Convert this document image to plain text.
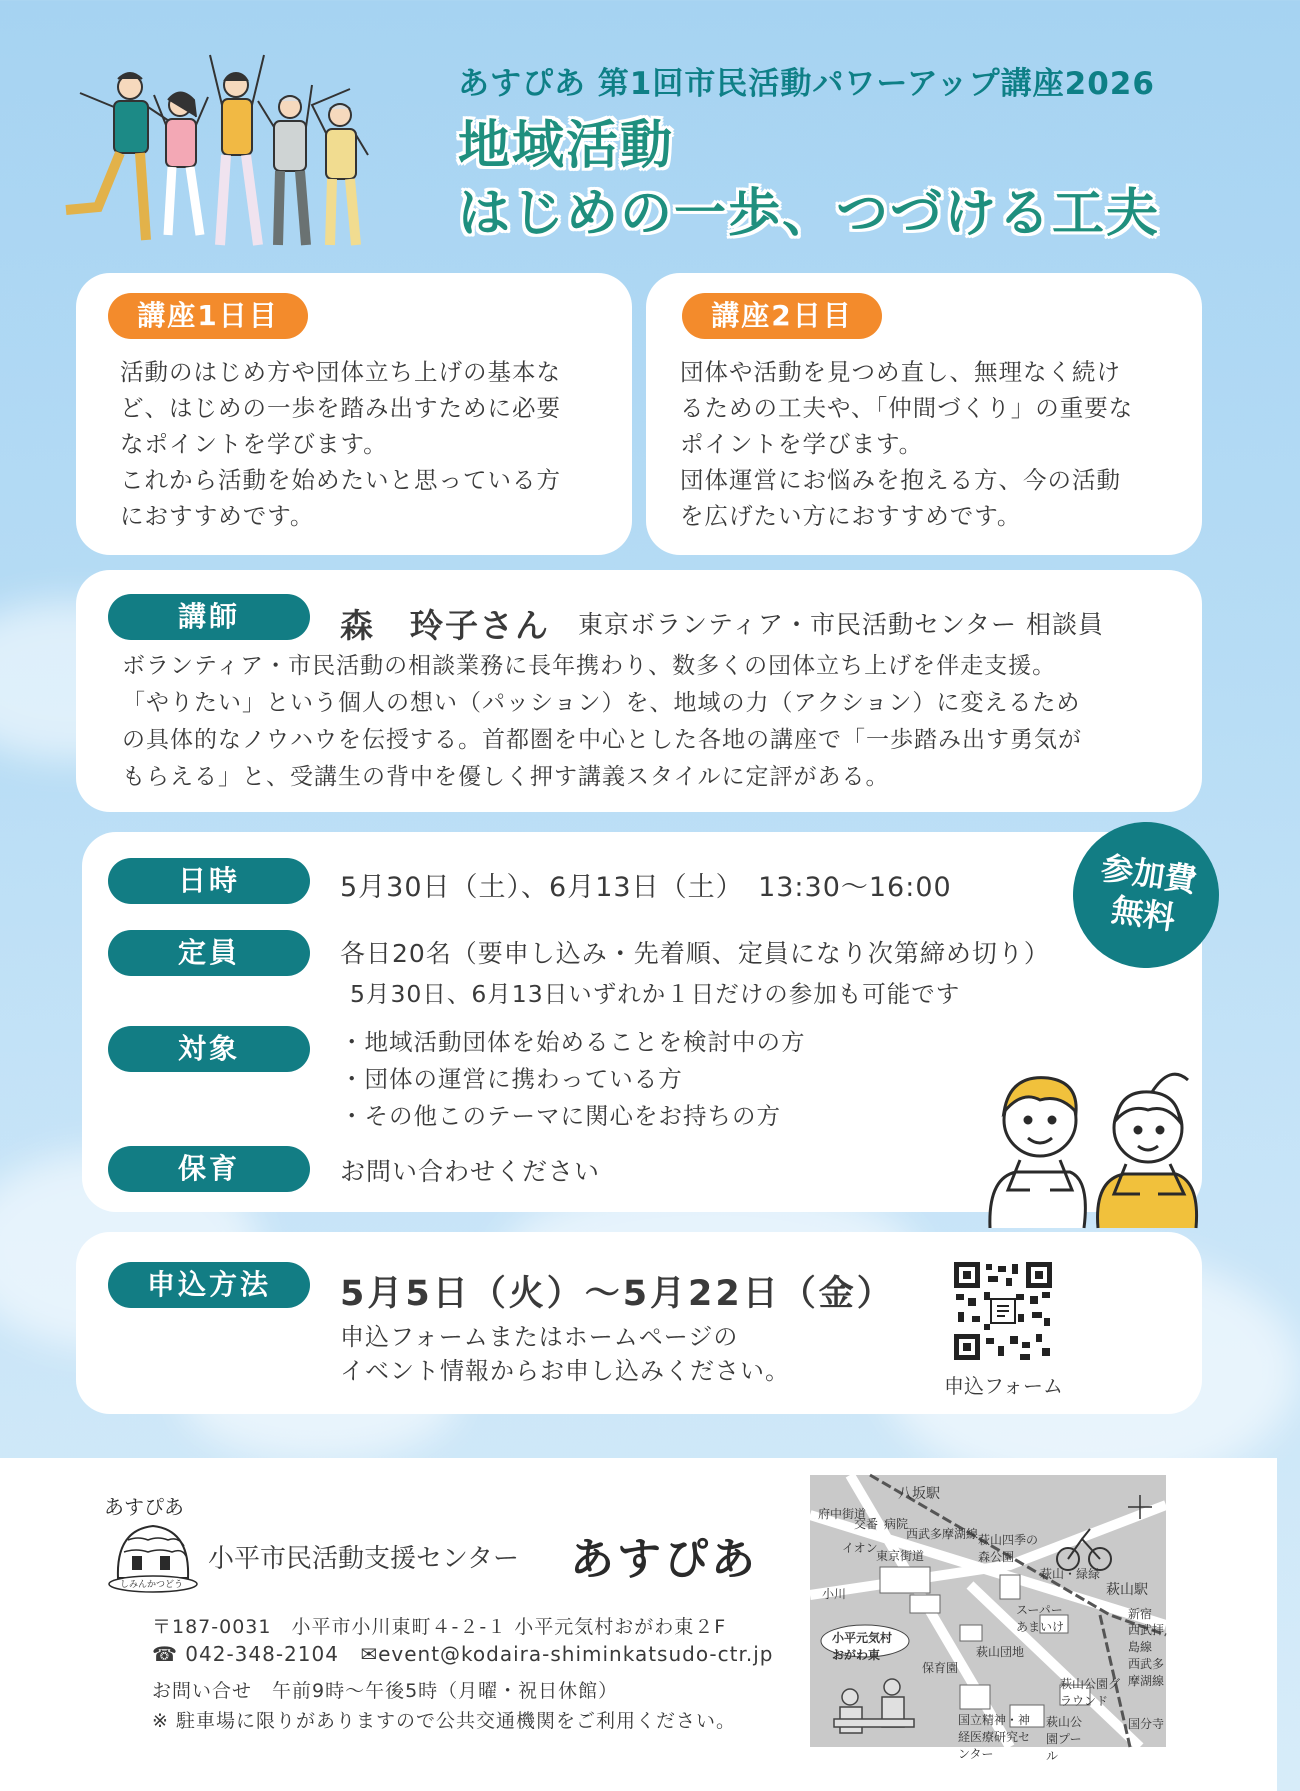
あすぴあ 第1回市民活動パワーアップ講座2026
地域活動
はじめの一歩、つづける工夫
講座1日目
活動のはじめ方や団体立ち上げの基本な
ど、はじめの一歩を踏み出すために必要
なポイントを学びます。
これから活動を始めたいと思っている方
におすすめです。
講座2日目
団体や活動を見つめ直し、無理なく続け
るための工夫や、「仲間づくり」の重要な
ポイントを学びます。
団体運営にお悩みを抱える方、今の活動
を広げたい方におすすめです。
講師	森　玲子さん 東京ボランティア・市民活動センター 相談員
ボランティア・市民活動の相談業務に長年携わり、数多くの団体立ち上げを伴走支援。
「やりたい」という個人の想い（パッション）を、地域の力（アクション）に変えるため
の具体的なノウハウを伝授する。首都圏を中心とした各地の講座で「一歩踏み出す勇気が
もらえる」と、受講生の背中を優しく押す講義スタイルに定評がある。
日時	5月30日（土）、6月13日（土）　13:30〜16:00
定員	各日20名（要申し込み・先着順、定員になり次第締め切り）
5月30日、6月13日いずれか１日だけの参加も可能です
対象	・地域活動団体を始めることを検討中の方
・団体の運営に携わっている方
・その他このテーマに関心をお持ちの方
保育	お問い合わせください
参加費
無料
申込方法	5月5日（火）〜5月22日（金）
申込フォームまたはホームページの
イベント情報からお申し込みください。
申込フォーム
あすぴあ
しみんかつどう
小平市民活動支援センター あすぴあ
〒187-0031　小平市小川東町４-２-１ 小平元気村おがわ東２F
☎ 042-348-2104 ✉event@kodaira-shiminkatsudo-ctr.jp
お問い合せ　午前9時〜午後5時（月曜・祝日休館）
※ 駐車場に限りがありますので公共交通機関をご利用ください。
八坂駅
府中街道
交番 病院
西武多摩湖線
イオン
東京街道
萩山四季の森公園
萩山駅
萩山・緑緑
小川
小平元気村おがわ東
スーパーあまいけ
萩山団地
保育園
新宿
西武拝島線
西武多摩湖線
萩山公園グラウンド
国立精神・神経医療研究センター
萩山公園プール
国分寺
